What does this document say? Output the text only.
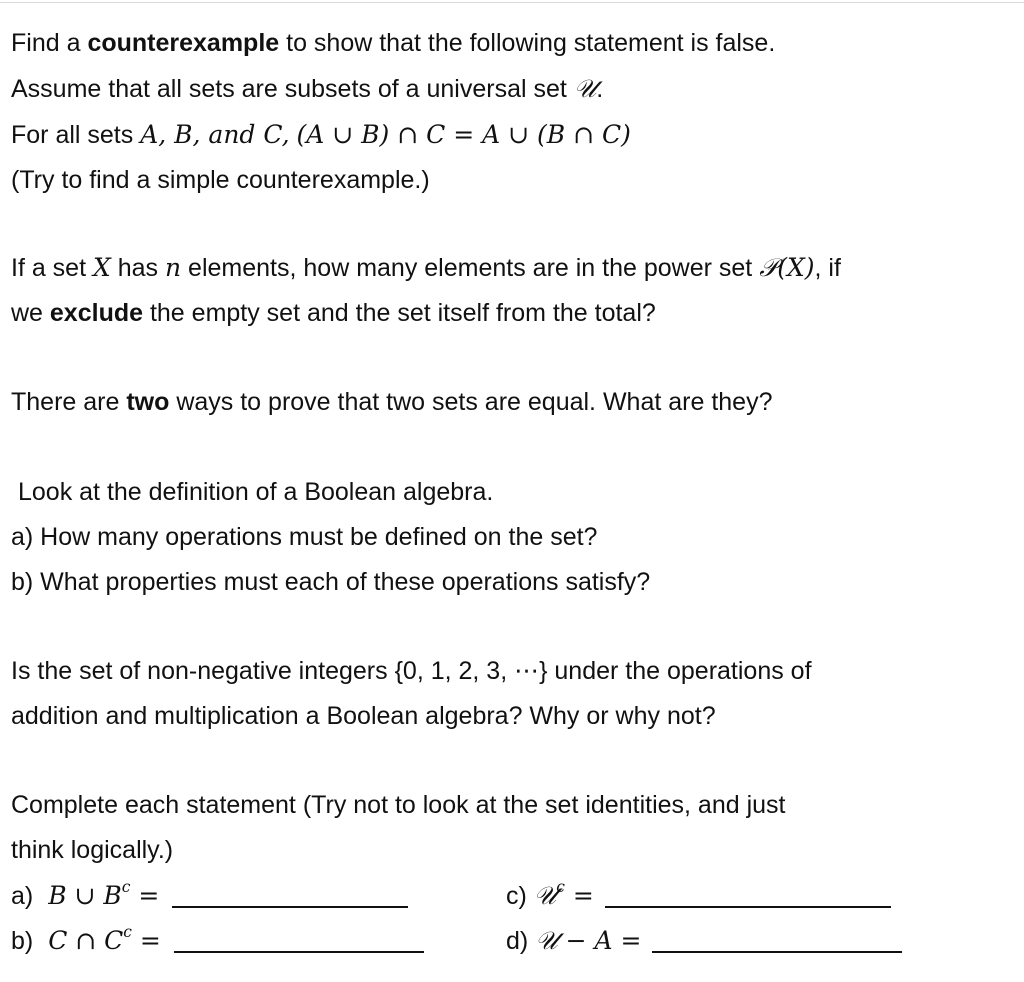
Find a counterexample to show that the following statement is false.
Assume that all sets are subsets of a universal set 𝒰.
For all sets A, B, and C, (A ∪ B) ∩ C = A ∪ (B ∩ C)
(Try to find a simple counterexample.)
If a set X has n elements, how many elements are in the power set 𝒫(X), if
we exclude the empty set and the set itself from the total?
There are two ways to prove that two sets are equal. What are they?
Look at the definition of a Boolean algebra.
a) How many operations must be defined on the set?
b) What properties must each of these operations satisfy?
Is the set of non-negative integers {0, 1, 2, 3, ⋯} under the operations of
addition and multiplication a Boolean algebra? Why or why not?
Complete each statement (Try not to look at the set identities, and just
think logically.)
a) B ∪ $B^c$ =
b) C ∩ $C^c$ =
c) 𝒰$^c$ =
d) 𝒰 − A =
